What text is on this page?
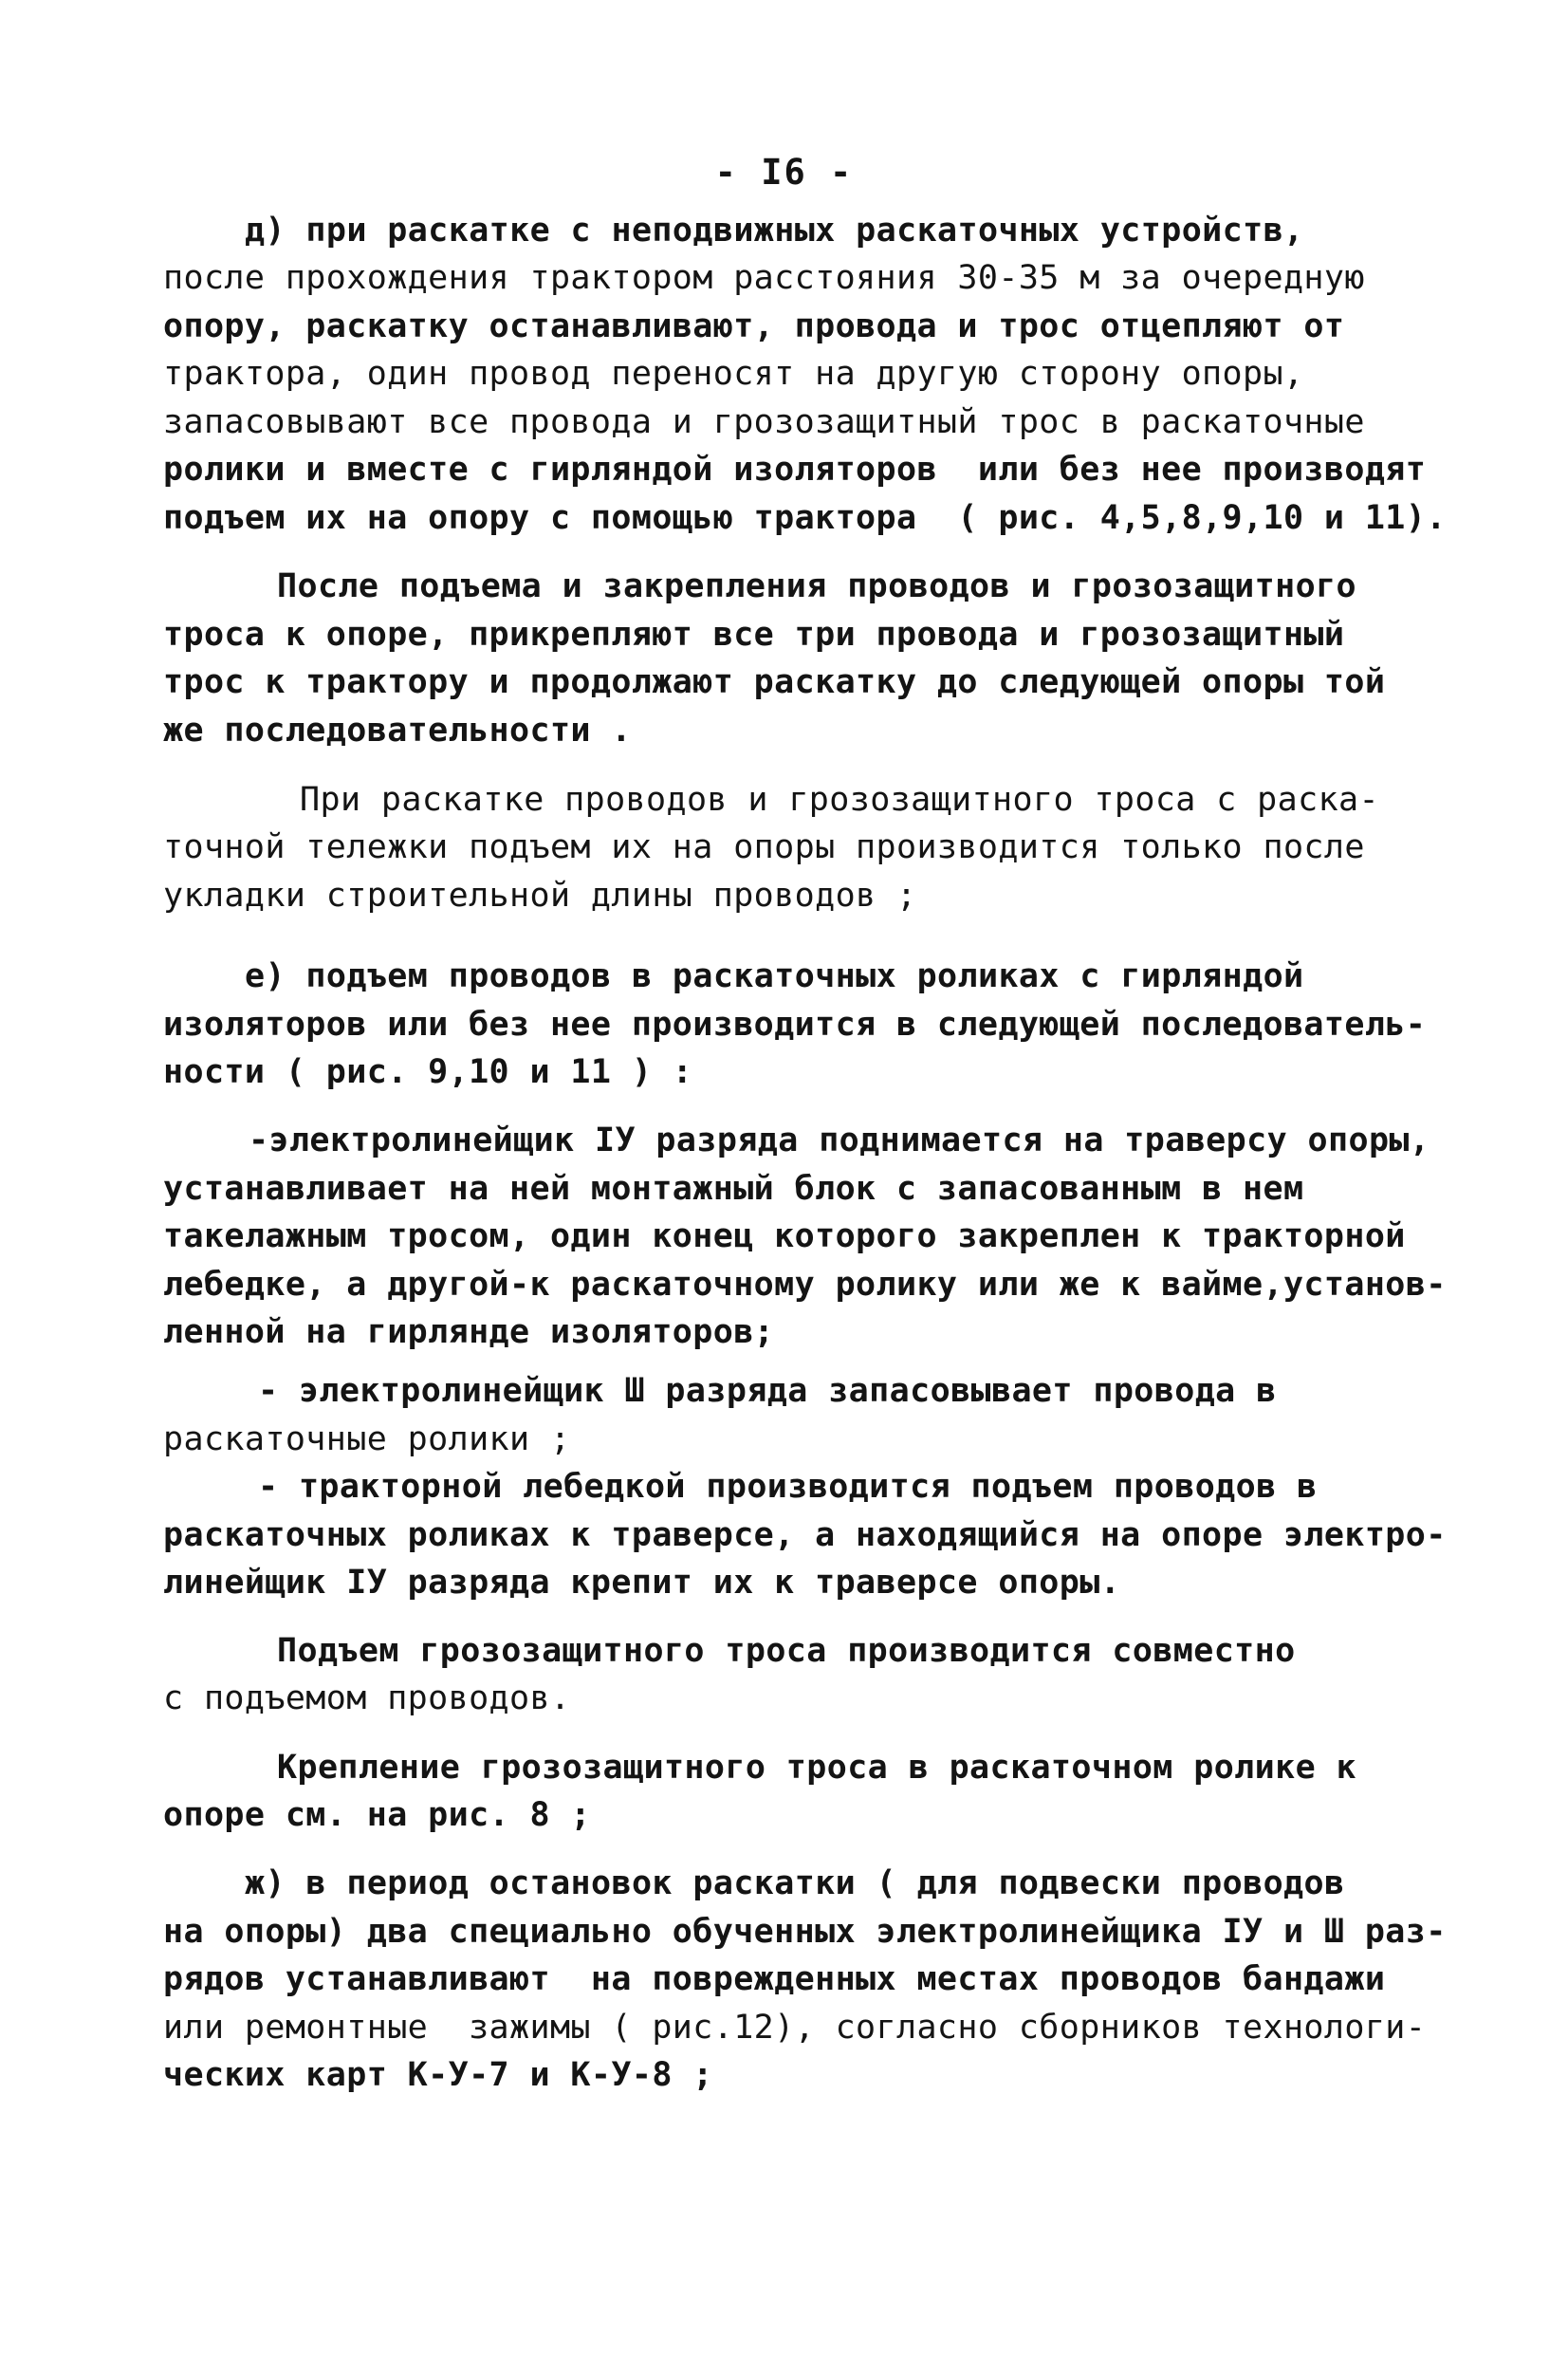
- I6 -
д) при раскатке с неподвижных раскаточных устройств,
после прохождения трактором расстояния 30-35 м за очередную
опору, раскатку останавливают, провода и трос отцепляют от
трактора, один провод переносят на другую сторону опоры,
запасовывают все провода и грозозащитный трос в раскаточные
ролики и вместе с гирляндой изоляторов  или без нее производят
подъем их на опору с помощью трактора  ( рис. 4,5,8,9,10 и 11).
После подъема и закрепления проводов и грозозащитного
троса к опоре, прикрепляют все три провода и грозозащитный
трос к трактору и продолжают раскатку до следующей опоры той
же последовательности .
При раскатке проводов и грозозащитного троса с раска-
точной тележки подъем их на опоры производится только после
укладки строительной длины проводов ;
е) подъем проводов в раскаточных роликах с гирляндой
изоляторов или без нее производится в следующей последователь-
ности ( рис. 9,10 и 11 ) :
-электролинейщик IУ разряда поднимается на траверсу опоры,
устанавливает на ней монтажный блок с запасованным в нем
такелажным тросом, один конец которого закреплен к тракторной
лебедке, а другой-к раскаточному ролику или же к вайме,установ-
ленной на гирлянде изоляторов;
- электролинейщик Ш разряда запасовывает провода в
раскаточные ролики ;
- тракторной лебедкой производится подъем проводов в
раскаточных роликах к траверсе, а находящийся на опоре электро-
линейщик IУ разряда крепит их к траверсе опоры.
Подъем грозозащитного троса производится совместно
с подъемом проводов.
Крепление грозозащитного троса в раскаточном ролике к
опоре см. на рис. 8 ;
ж) в период остановок раскатки ( для подвески проводов
на опоры) два специально обученных электролинейщика IУ и Ш раз-
рядов устанавливают  на поврежденных местах проводов бандажи
или ремонтные  зажимы ( рис.12), согласно сборников технологи-
ческих карт К-У-7 и К-У-8 ;
